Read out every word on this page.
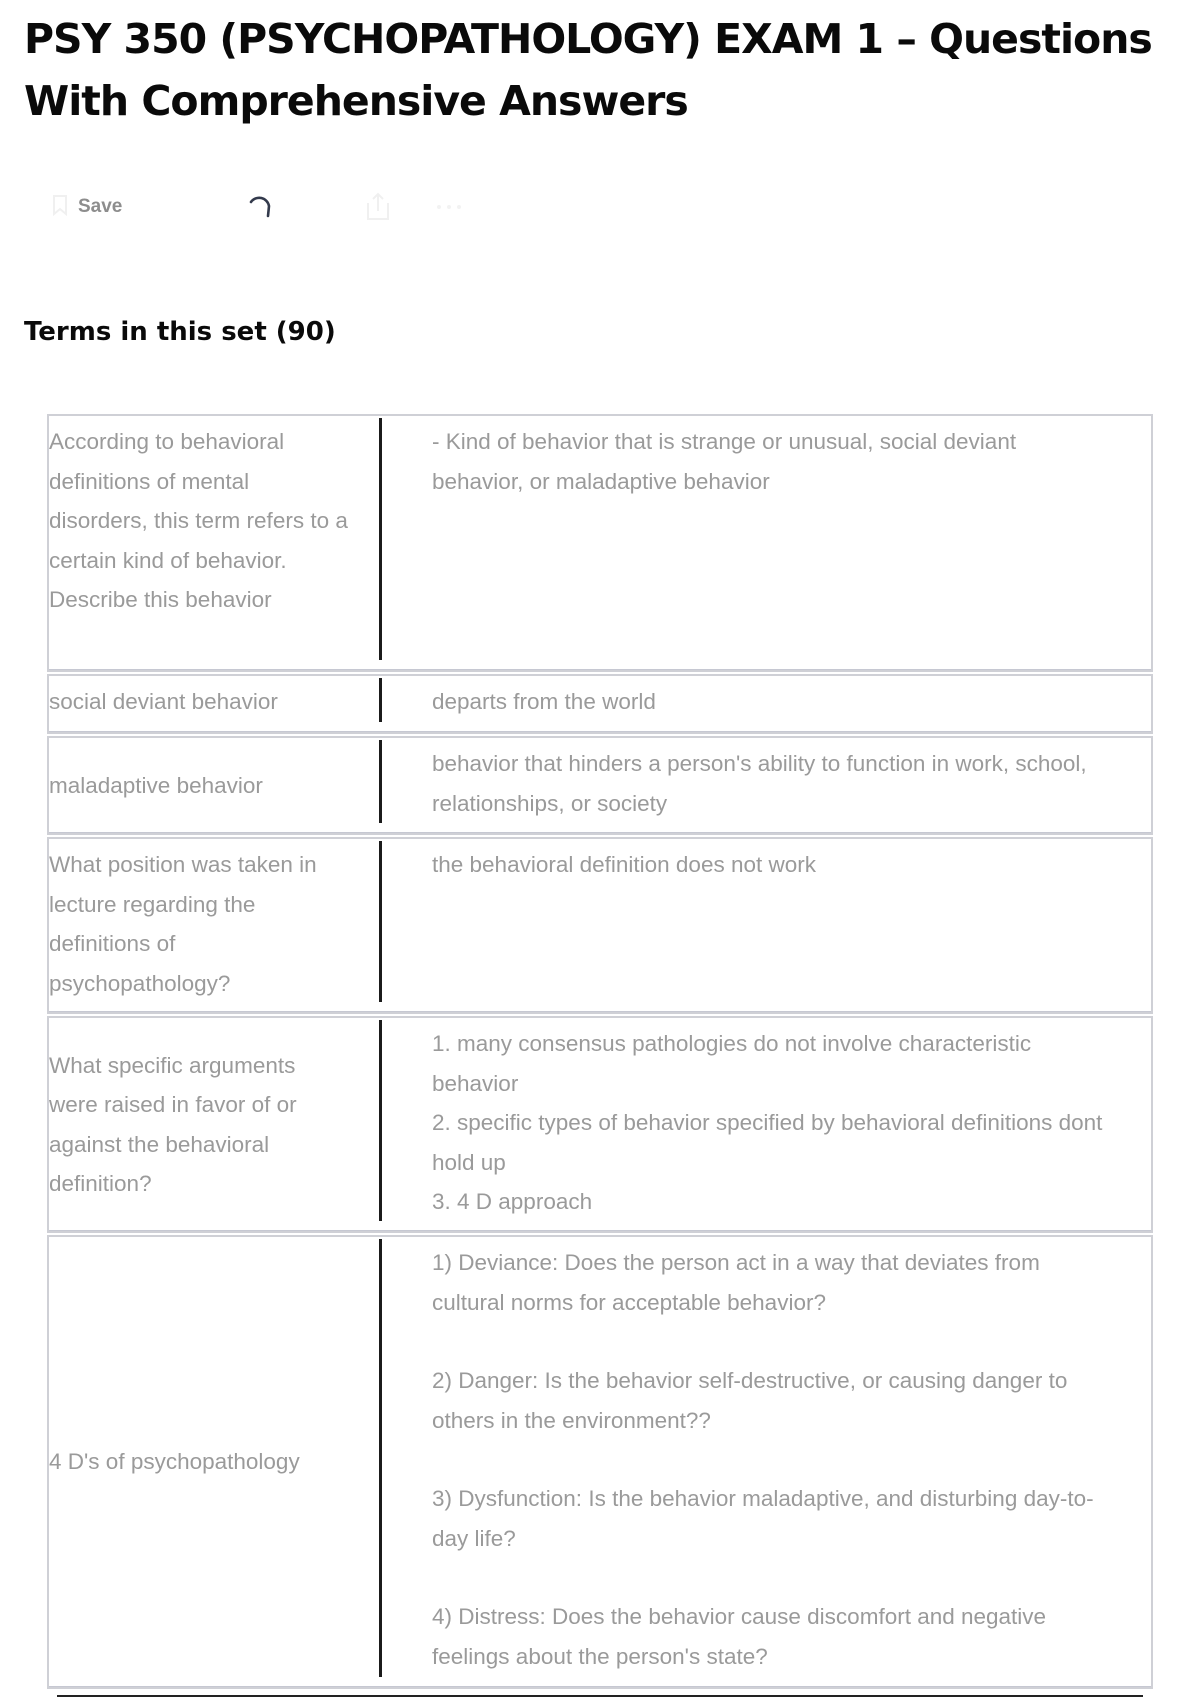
PSY 350 (PSYCHOPATHOLOGY) EXAM 1 – Questions With Comprehensive Answers
Save
Terms in this set (90)
According to behavioral definitions of mental disorders, this term refers to a certain kind of behavior. Describe this behavior

- Kind of behavior that is strange or unusual, social deviant behavior, or maladaptive behavior

social deviant behavior	departs from the world

maladaptive behavior

behavior that hinders a person's ability to function in work, school, relationships, or society

What position was taken in lecture regarding the definitions of psychopathology?

the behavioral definition does not work

What specific arguments were raised in favor of or against the behavioral definition?

1. many consensus pathologies do not involve characteristic behavior

2. specific types of behavior specified by behavioral definitions dont hold up

3. 4 D approach

4 D's of psychopathology

1) Deviance: Does the person act in a way that deviates from cultural norms for acceptable behavior?

2) Danger: Is the behavior self-destructive, or causing danger to others in the environment??

3) Dysfunction: Is the behavior maladaptive, and disturbing day-to-day life?

4) Distress: Does the behavior cause discomfort and negative feelings about the person's state?
